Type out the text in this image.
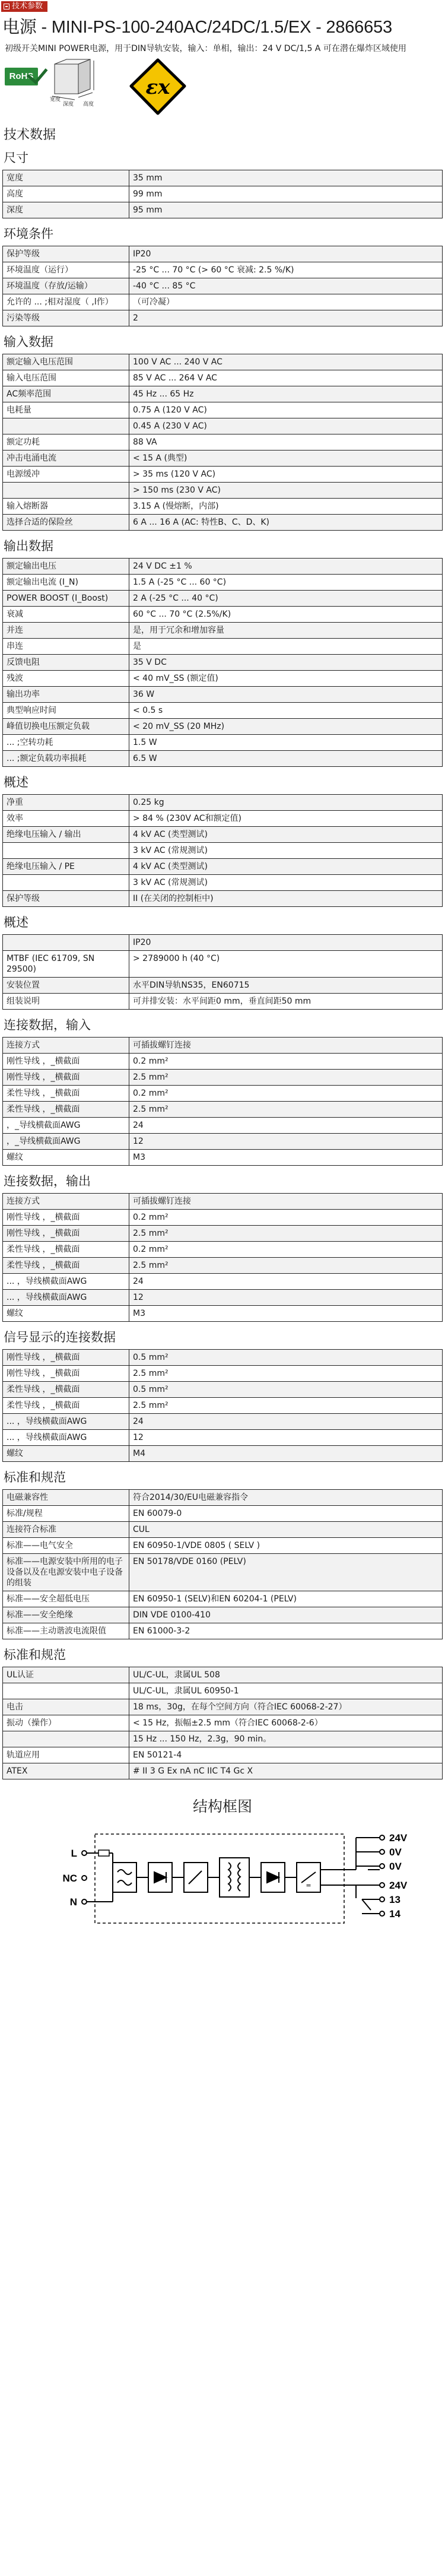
技术参数
电源 - MINI-PS-100-240AC/24DC/1.5/EX - 2866653
初级开关MINI POWER电源，用于DIN导轨安装，输入：单相，输出：24 V DC/1,5 A 可在潜在爆炸区域使用
RoHS
深度
宽度
高度
εx
技术数据
尺寸
宽度	35 mm
高度	99 mm
深度	95 mm
环境条件
保护等级	IP20
环境温度（运行）	-25 °C ... 70 °C (> 60 °C 衰减: 2.5 %/K)
环境温度（存放/运输）	-40 °C ... 85 °C
允许的 ... ;相对湿度（ ,l作）	（可冷凝）
污染等级	2
输入数据
额定输入电压范围	100 V AC ... 240 V AC
输入电压范围	85 V AC ... 264 V AC
AC频率范围	45 Hz ... 65 Hz
电耗量	0.75 A (120 V AC)
	0.45 A (230 V AC)
额定功耗	88 VA
冲击电涌电流	< 15 A (典型)
电源缓冲	> 35 ms (120 V AC)
	> 150 ms (230 V AC)
输入熔断器	3.15 A (慢熔断，内部)
选择合适的保险丝	6 A ... 16 A (AC: 特性B、C、D、K)
输出数据
额定输出电压	24 V DC ±1 %
额定输出电流 (I_N)	1.5 A (-25 °C ... 60 °C)
POWER BOOST (I_Boost)	2 A (-25 °C ... 40 °C)
衰减	60 °C ... 70 °C (2.5%/K)
并连	是，用于冗余和增加容量
串连	是
反馈电阻	35 V DC
残波	< 40 mV_SS (额定值)
输出功率	36 W
典型响应时间	< 0.5 s
峰值切换电压额定负载	< 20 mV_SS (20 MHz)
... ;空转功耗	1.5 W
... ;额定负载功率损耗	6.5 W
概述
净重	0.25 kg
效率	> 84 % (230V AC和额定值)
绝缘电压输入 / 输出	4 kV AC (类型测试)
	3 kV AC (常规测试)
绝缘电压输入 / PE	4 kV AC (类型测试)
	3 kV AC (常规测试)
保护等级	II (在关闭的控制柜中)
概述
	IP20
MTBF (IEC 61709, SN 29500)	> 2789000 h (40 °C)
安装位置	水平DIN导轨NS35，EN60715
组装说明	可并排安装：水平间距0 mm，垂直间距50 mm
连接数据，输入
连接方式	可插拔螺钉连接
刚性导线 ，_横截面	0.2 mm²
刚性导线 ，_横截面	2.5 mm²
柔性导线 ，_横截面	0.2 mm²
柔性导线 ，_横截面	2.5 mm²
，_导线横截面AWG	24
，_导线横截面AWG	12
螺纹	M3
连接数据，输出
连接方式	可插拔螺钉连接
刚性导线 ，_横截面	0.2 mm²
刚性导线 ，_横截面	2.5 mm²
柔性导线 ，_横截面	0.2 mm²
柔性导线 ，_横截面	2.5 mm²
... ，导线横截面AWG	24
... ，导线横截面AWG	12
螺纹	M3
信号显示的连接数据
刚性导线 ，_横截面	0.5 mm²
刚性导线 ，_横截面	2.5 mm²
柔性导线 ，_横截面	0.5 mm²
柔性导线 ，_横截面	2.5 mm²
... ，导线横截面AWG	24
... ，导线横截面AWG	12
螺纹	M4
标准和规范
电磁兼容性	符合2014/30/EU电磁兼容指令
标准/规程	EN 60079-0
连接符合标准	CUL
标准——电气安全	EN 60950-1/VDE 0805 ( SELV )
标准——电源安装中所用的电子设备以及在电源安装中电子设备的组装	EN 50178/VDE 0160 (PELV)
标准——安全超低电压	EN 60950-1 (SELV)和EN 60204-1 (PELV)
标准——安全绝缘	DIN VDE 0100-410
标准——主动谐波电流限值	EN 61000-3-2
标准和规范
UL认证	UL/C-UL，隶属UL 508
	UL/C-UL，隶属UL 60950-1
电击	18 ms，30g，在每个空间方向（符合IEC 60068-2-27）
振动（操作）	< 15 Hz，振幅±2.5 mm（符合IEC 60068-2-6）
	15 Hz ... 150 Hz，2.3g，90 min。
轨道应用	EN 50121-4
ATEX	# II 3 G Ex nA nC IIC T4 Gc X
结构框图
L
NC
N
=
24V
0V
0V
24V
13
14
